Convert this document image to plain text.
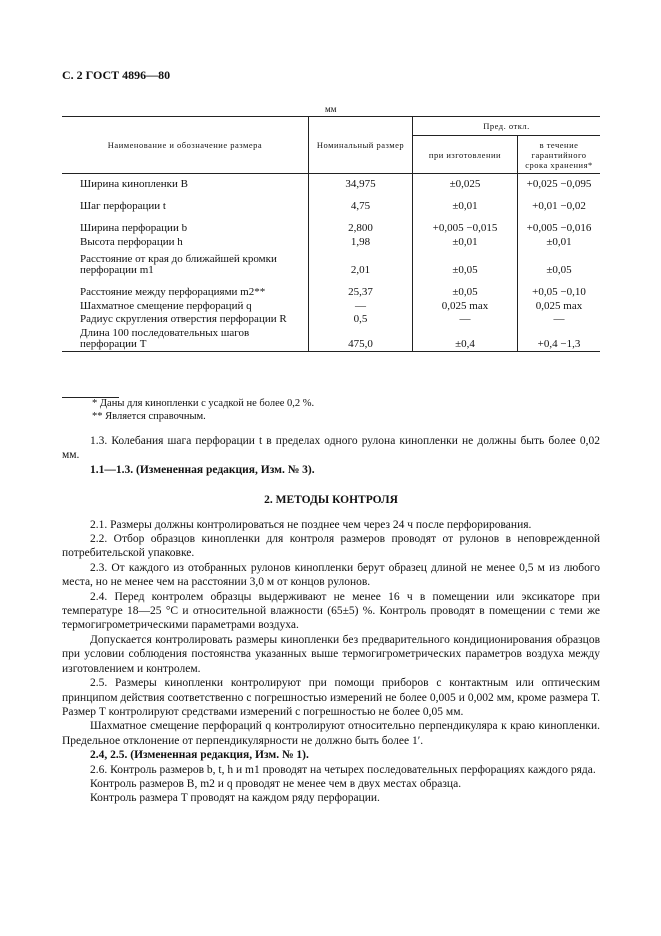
С. 2 ГОСТ 4896—80
мм
Наименование и обозначение размера	Номинальный размер	Пред. откл.	
		при изготовлении	в течение гарантийного срока хранения*
Ширина кинопленки B	34,975	±0,025	+0,025 −0,095
Шаг перфорации t	4,75	±0,01	+0,01 −0,02
Ширина перфорации b	2,800	+0,005 −0,015	+0,005 −0,016
Высота перфорации h	1,98	±0,01	±0,01
Расстояние от края до ближайшей кромки перфорации m1	2,01	±0,05	±0,05
Расстояние между перфорациями m2**	25,37	±0,05	+0,05 −0,10
Шахматное смещение перфораций q	—	0,025 max	0,025 max
Радиус скругления отверстия перфорации R	0,5	—	—
Длина 100 последовательных шагов перфорации T	475,0	±0,4	+0,4 −1,3
* Даны для кинопленки с усадкой не более 0,2 %.
** Является справочным.

1.3. Колебания шага перфорации t в пределах одного рулона кинопленки не должны быть более 0,02 мм.

1.1—1.3. (Измененная редакция, Изм. № 3).

2. МЕТОДЫ КОНТРОЛЯ

2.1. Размеры должны контролироваться не позднее чем через 24 ч после перфорирования.

2.2. Отбор образцов кинопленки для контроля размеров проводят от рулонов в неповрежденной потребительской упаковке.

2.3. От каждого из отобранных рулонов кинопленки берут образец длиной не менее 0,5 м из любого места, но не менее чем на расстоянии 3,0 м от концов рулонов.

2.4. Перед контролем образцы выдерживают не менее 16 ч в помещении или эксикаторе при температуре 18—25 °С и относительной влажности (65±5) %. Контроль проводят в помещении с теми же термогигрометрическими параметрами воздуха.

Допускается контролировать размеры кинопленки без предварительного кондиционирования образцов при условии соблюдения постоянства указанных выше термогигрометрических параметров воздуха между изготовлением и контролем.

2.5. Размеры кинопленки контролируют при помощи приборов с контактным или оптическим принципом действия соответственно с погрешностью измерений не более 0,005 и 0,002 мм, кроме размера T. Размер T контролируют средствами измерений с погрешностью не более 0,05 мм.

Шахматное смещение перфораций q контролируют относительно перпендикуляра к краю кинопленки. Предельное отклонение от перпендикулярности не должно быть более 1′.

2.4, 2.5. (Измененная редакция, Изм. № 1).

2.6. Контроль размеров b, t, h и m1 проводят на четырех последовательных перфорациях каждого ряда.

Контроль размеров B, m2 и q проводят не менее чем в двух местах образца.

Контроль размера T проводят на каждом ряду перфорации.
